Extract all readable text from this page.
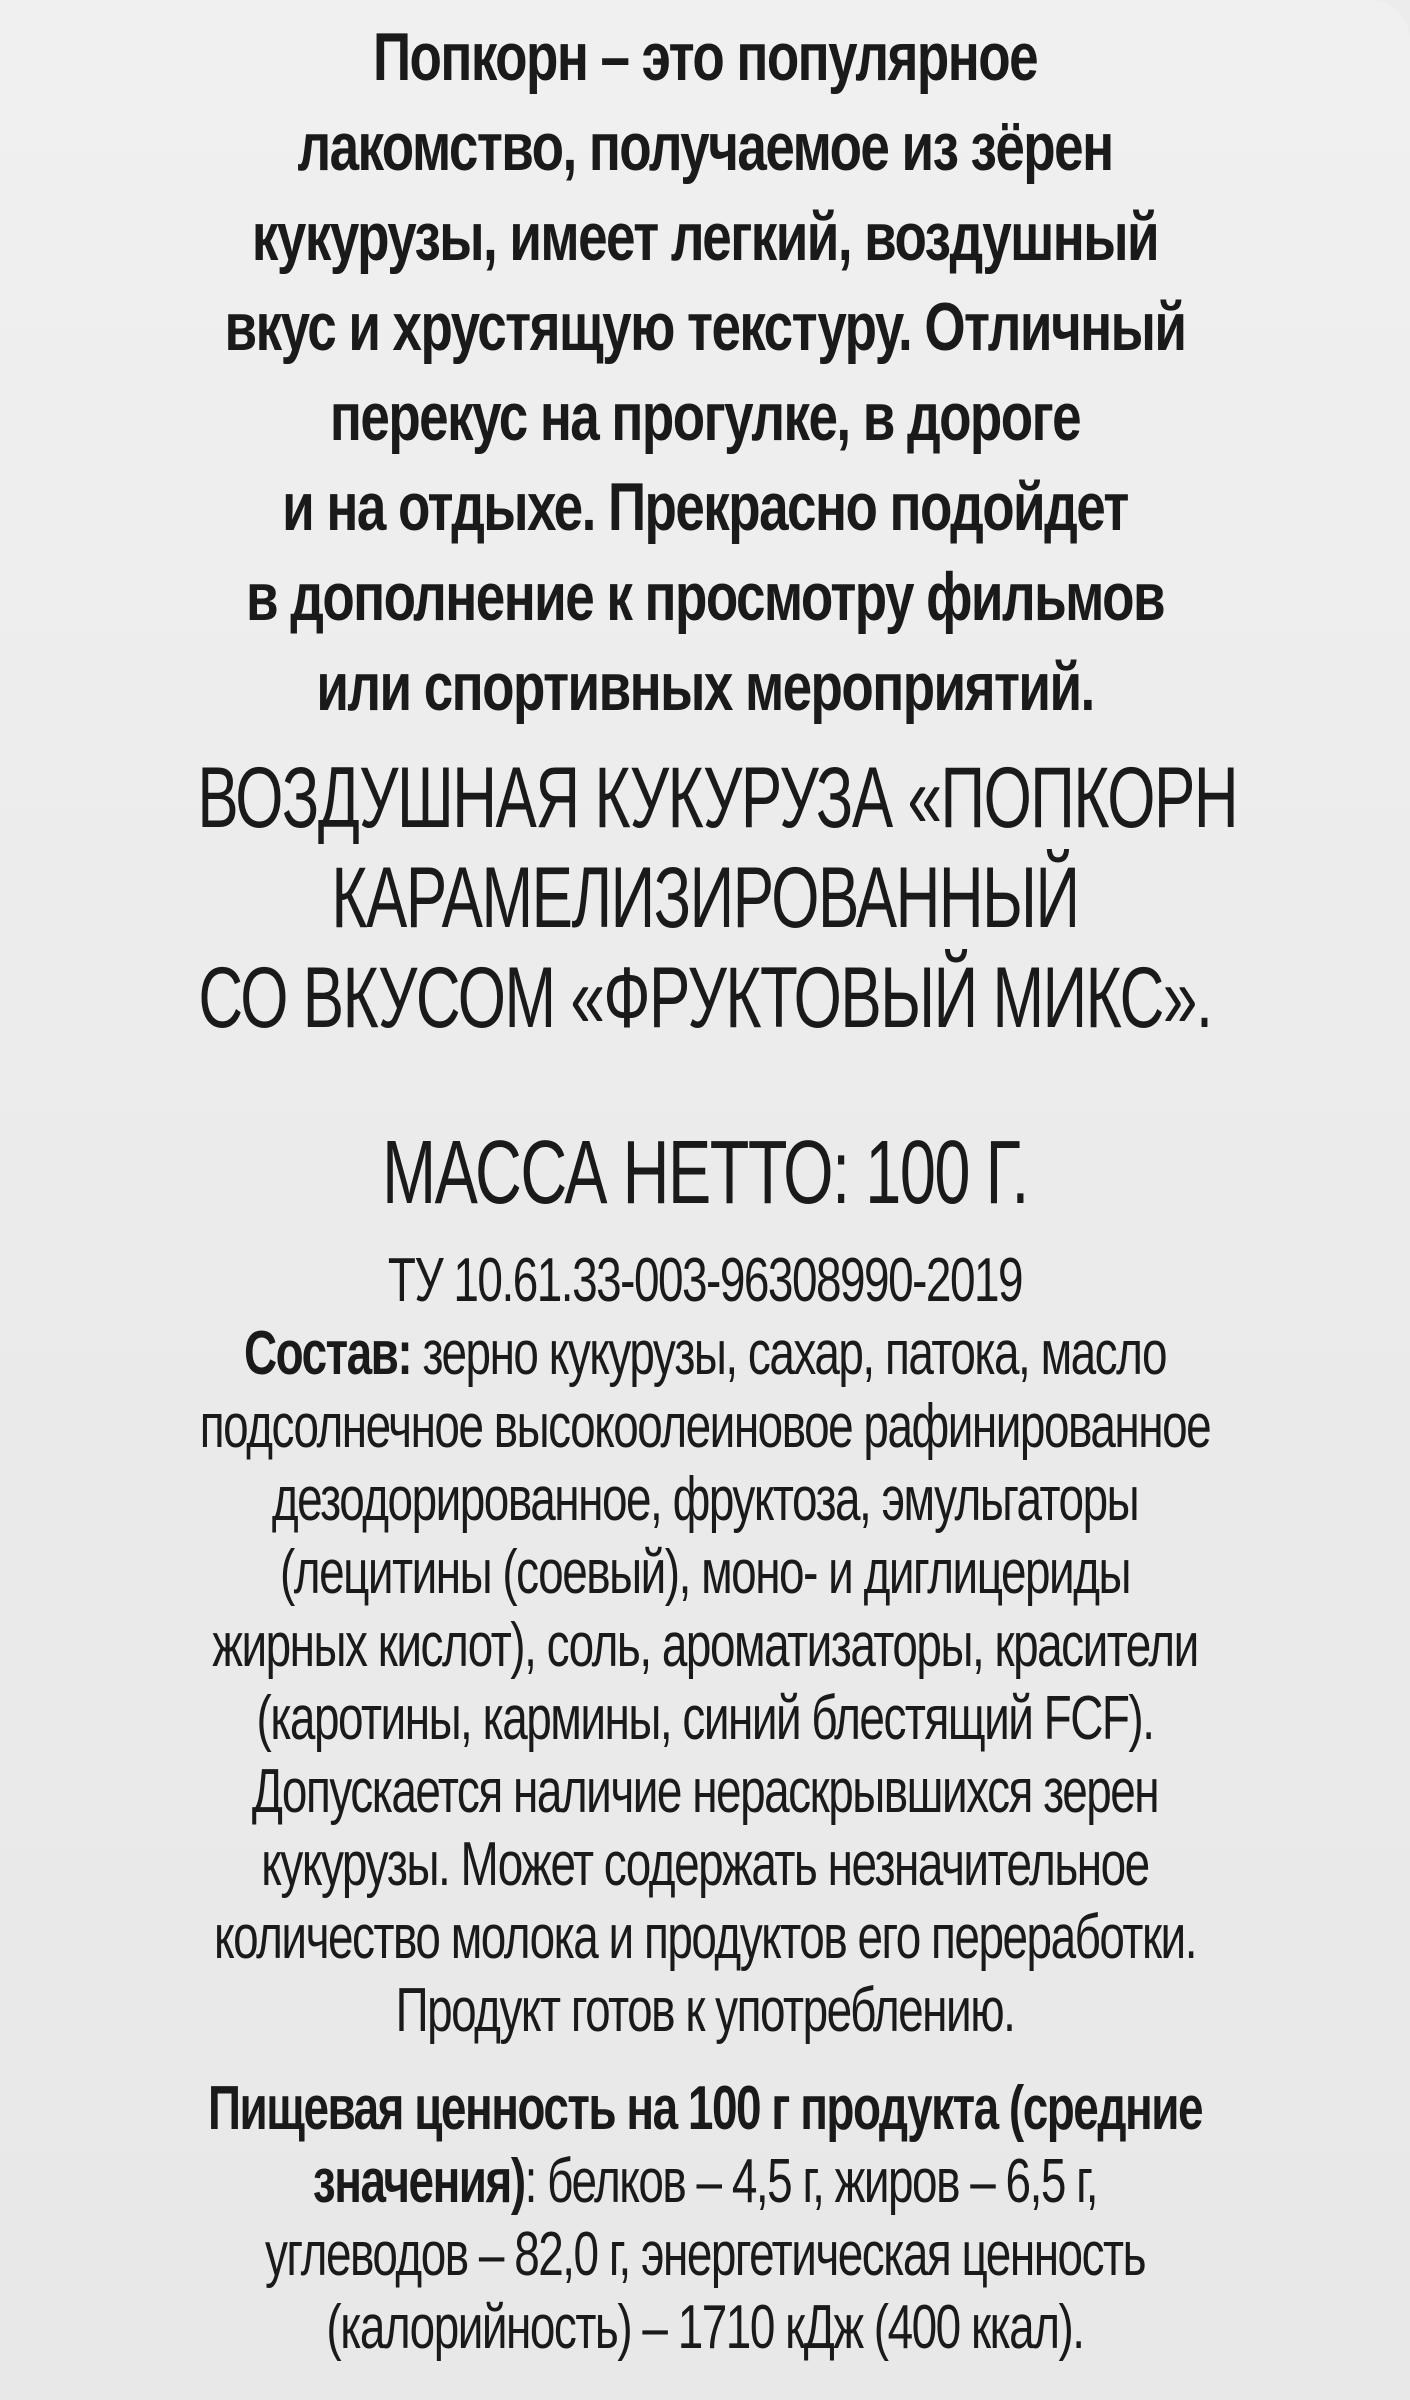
Попкорн – это популярное
лакомство, получаемое из зёрен
кукурузы, имеет легкий, воздушный
вкус и хрустящую текстуру. Отличный
перекус на прогулке, в дороге
и на отдыхе. Прекрасно подойдет
в дополнение к просмотру фильмов
или спортивных мероприятий.
ВОЗДУШНАЯ КУКУРУЗА «ПОПКОРН
КАРАМЕЛИЗИРОВАННЫЙ
СО ВКУСОМ «ФРУКТОВЫЙ МИКС».
МАССА НЕТТО: 100 Г.
ТУ 10.61.33-003-96308990-2019
Состав: зерно кукурузы, сахар, патока, масло
подсолнечное высокоолеиновое рафинированное
дезодорированное, фруктоза, эмульгаторы
(лецитины (соевый), моно- и диглицериды
жирных кислот), соль, ароматизаторы, красители
(каротины, кармины, синий блестящий FCF).
Допускается наличие нераскрывшихся зерен
кукурузы. Может содержать незначительное
количество молока и продуктов его переработки.
Продукт готов к употреблению.
Пищевая ценность на 100 г продукта (средние
значения): белков – 4,5 г, жиров – 6,5 г,
углеводов – 82,0 г, энергетическая ценность
(калорийность) – 1710 кДж (400 ккал).
